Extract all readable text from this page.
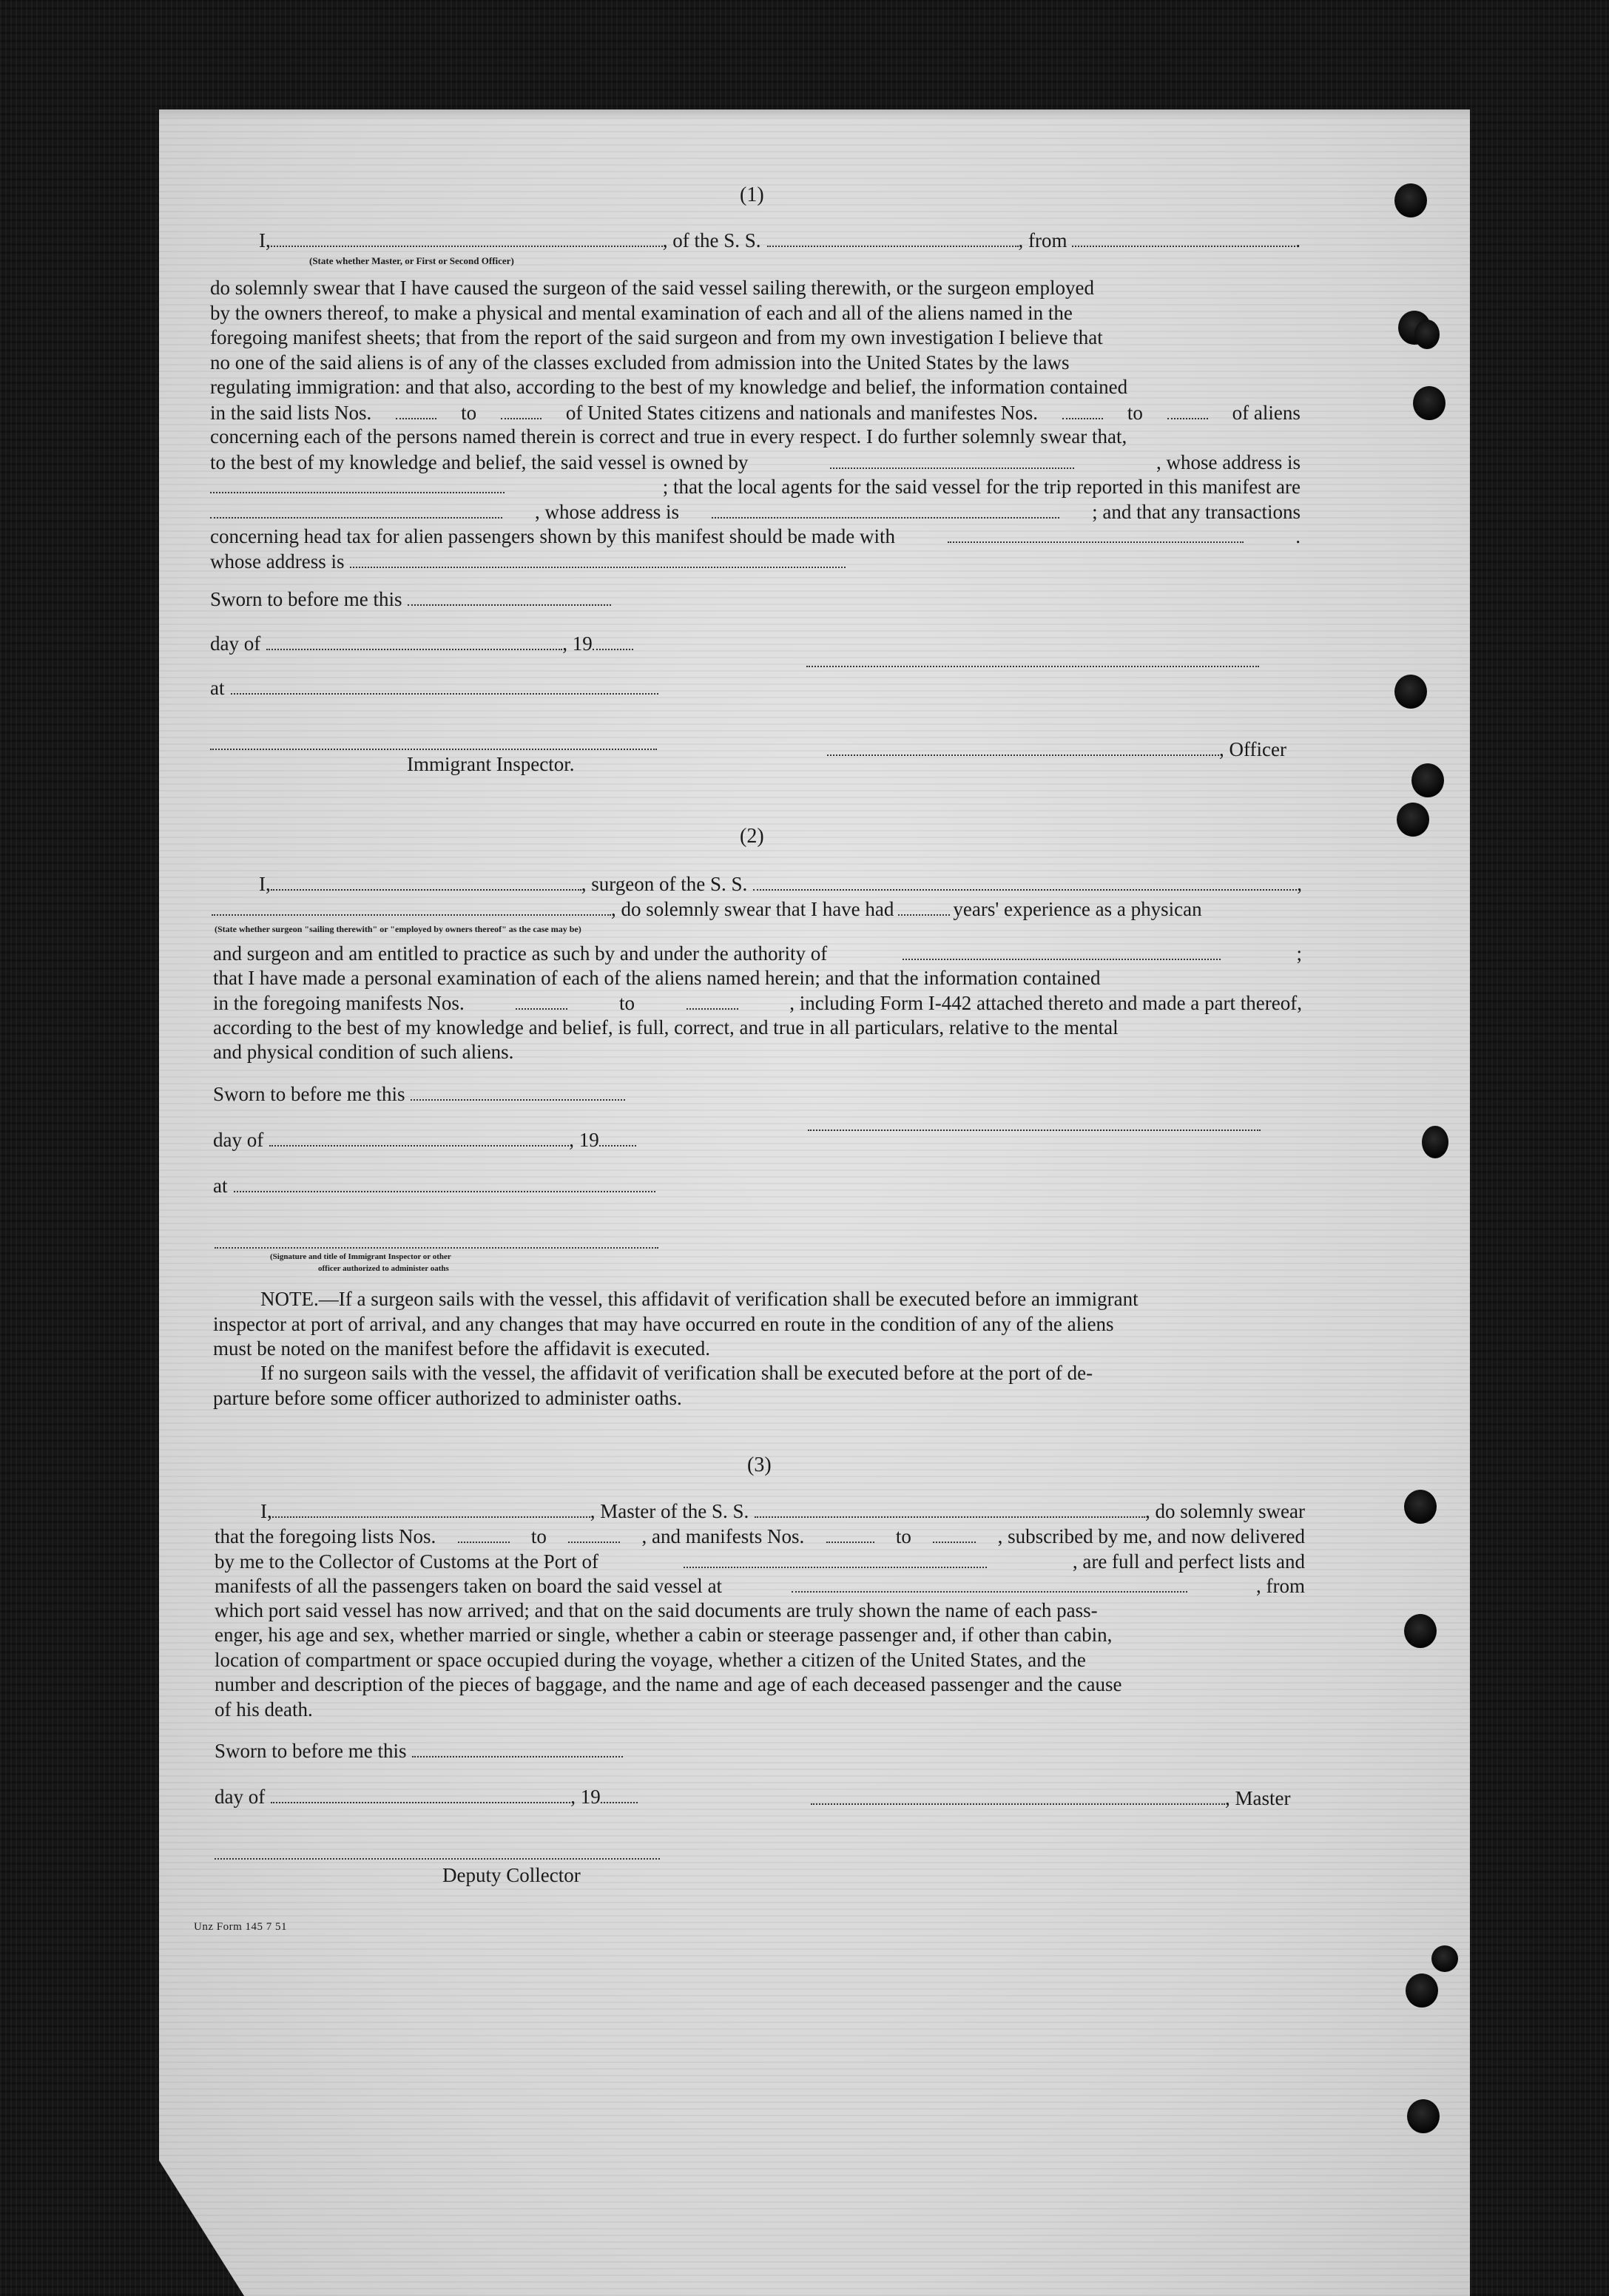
(1)
I,	, of the S. S.	, from	.
(State whether Master, or First or Second Officer)
do solemnly swear that I have caused the surgeon of the said vessel sailing therewith, or the surgeon employed
by the owners thereof, to make a physical and mental examination of each and all of the aliens named in the
foregoing manifest sheets; that from the report of the said surgeon and from my own investigation I believe that
no one of the said aliens is of any of the classes excluded from admission into the United States by the laws
regulating immigration: and that also, according to the best of my knowledge and belief, the information contained
in the said lists Nos.	to	of United States citizens and nationals and manifestes Nos.	to	of aliens
concerning each of the persons named therein is correct and true in every respect. I do further solemnly swear that,
to the best of my knowledge and belief, the said vessel is owned by	, whose address is
; that the local agents for the said vessel for the trip reported in this manifest are
, whose address is	; and that any transactions
concerning head tax for alien passengers shown by this manifest should be made with	.
whose address is
Sworn to before me this
day of	, 19
at
Immigrant Inspector.
, Officer
(2)
I,	, surgeon of the S. S.	,
, do solemnly swear that I have had	years' experience as a physican
(State whether surgeon "sailing therewith" or "employed by owners thereof" as the case may be)
and surgeon and am entitled to practice as such by and under the authority of	;
that I have made a personal examination of each of the aliens named herein; and that the information contained
in the foregoing manifests Nos.	to	, including Form I-442 attached thereto and made a part thereof,
according to the best of my knowledge and belief, is full, correct, and true in all particulars, relative to the mental
and physical condition of such aliens.
Sworn to before me this
day of	, 19
at
(Signature and title of Immigrant Inspector or other
officer authorized to administer oaths
NOTE.—If a surgeon sails with the vessel, this affidavit of verification shall be executed before an immigrant
inspector at port of arrival, and any changes that may have occurred en route in the condition of any of the aliens
must be noted on the manifest before the affidavit is executed.
If no surgeon sails with the vessel, the affidavit of verification shall be executed before at the port of de-
parture before some officer authorized to administer oaths.
(3)
I,	, Master of the S. S.	, do solemnly swear
that the foregoing lists Nos.	to	, and manifests Nos.	to	, subscribed by me, and now delivered
by me to the Collector of Customs at the Port of	, are full and perfect lists and
manifests of all the passengers taken on board the said vessel at	, from
which port said vessel has now arrived; and that on the said documents are truly shown the name of each pass-
enger, his age and sex, whether married or single, whether a cabin or steerage passenger and, if other than cabin,
location of compartment or space occupied during the voyage, whether a citizen of the United States, and the
number and description of the pieces of baggage, and the name and age of each deceased passenger and the cause
of his death.
Sworn to before me this
day of	, 19	, Master
Deputy Collector
Unz Form 145 7 51
